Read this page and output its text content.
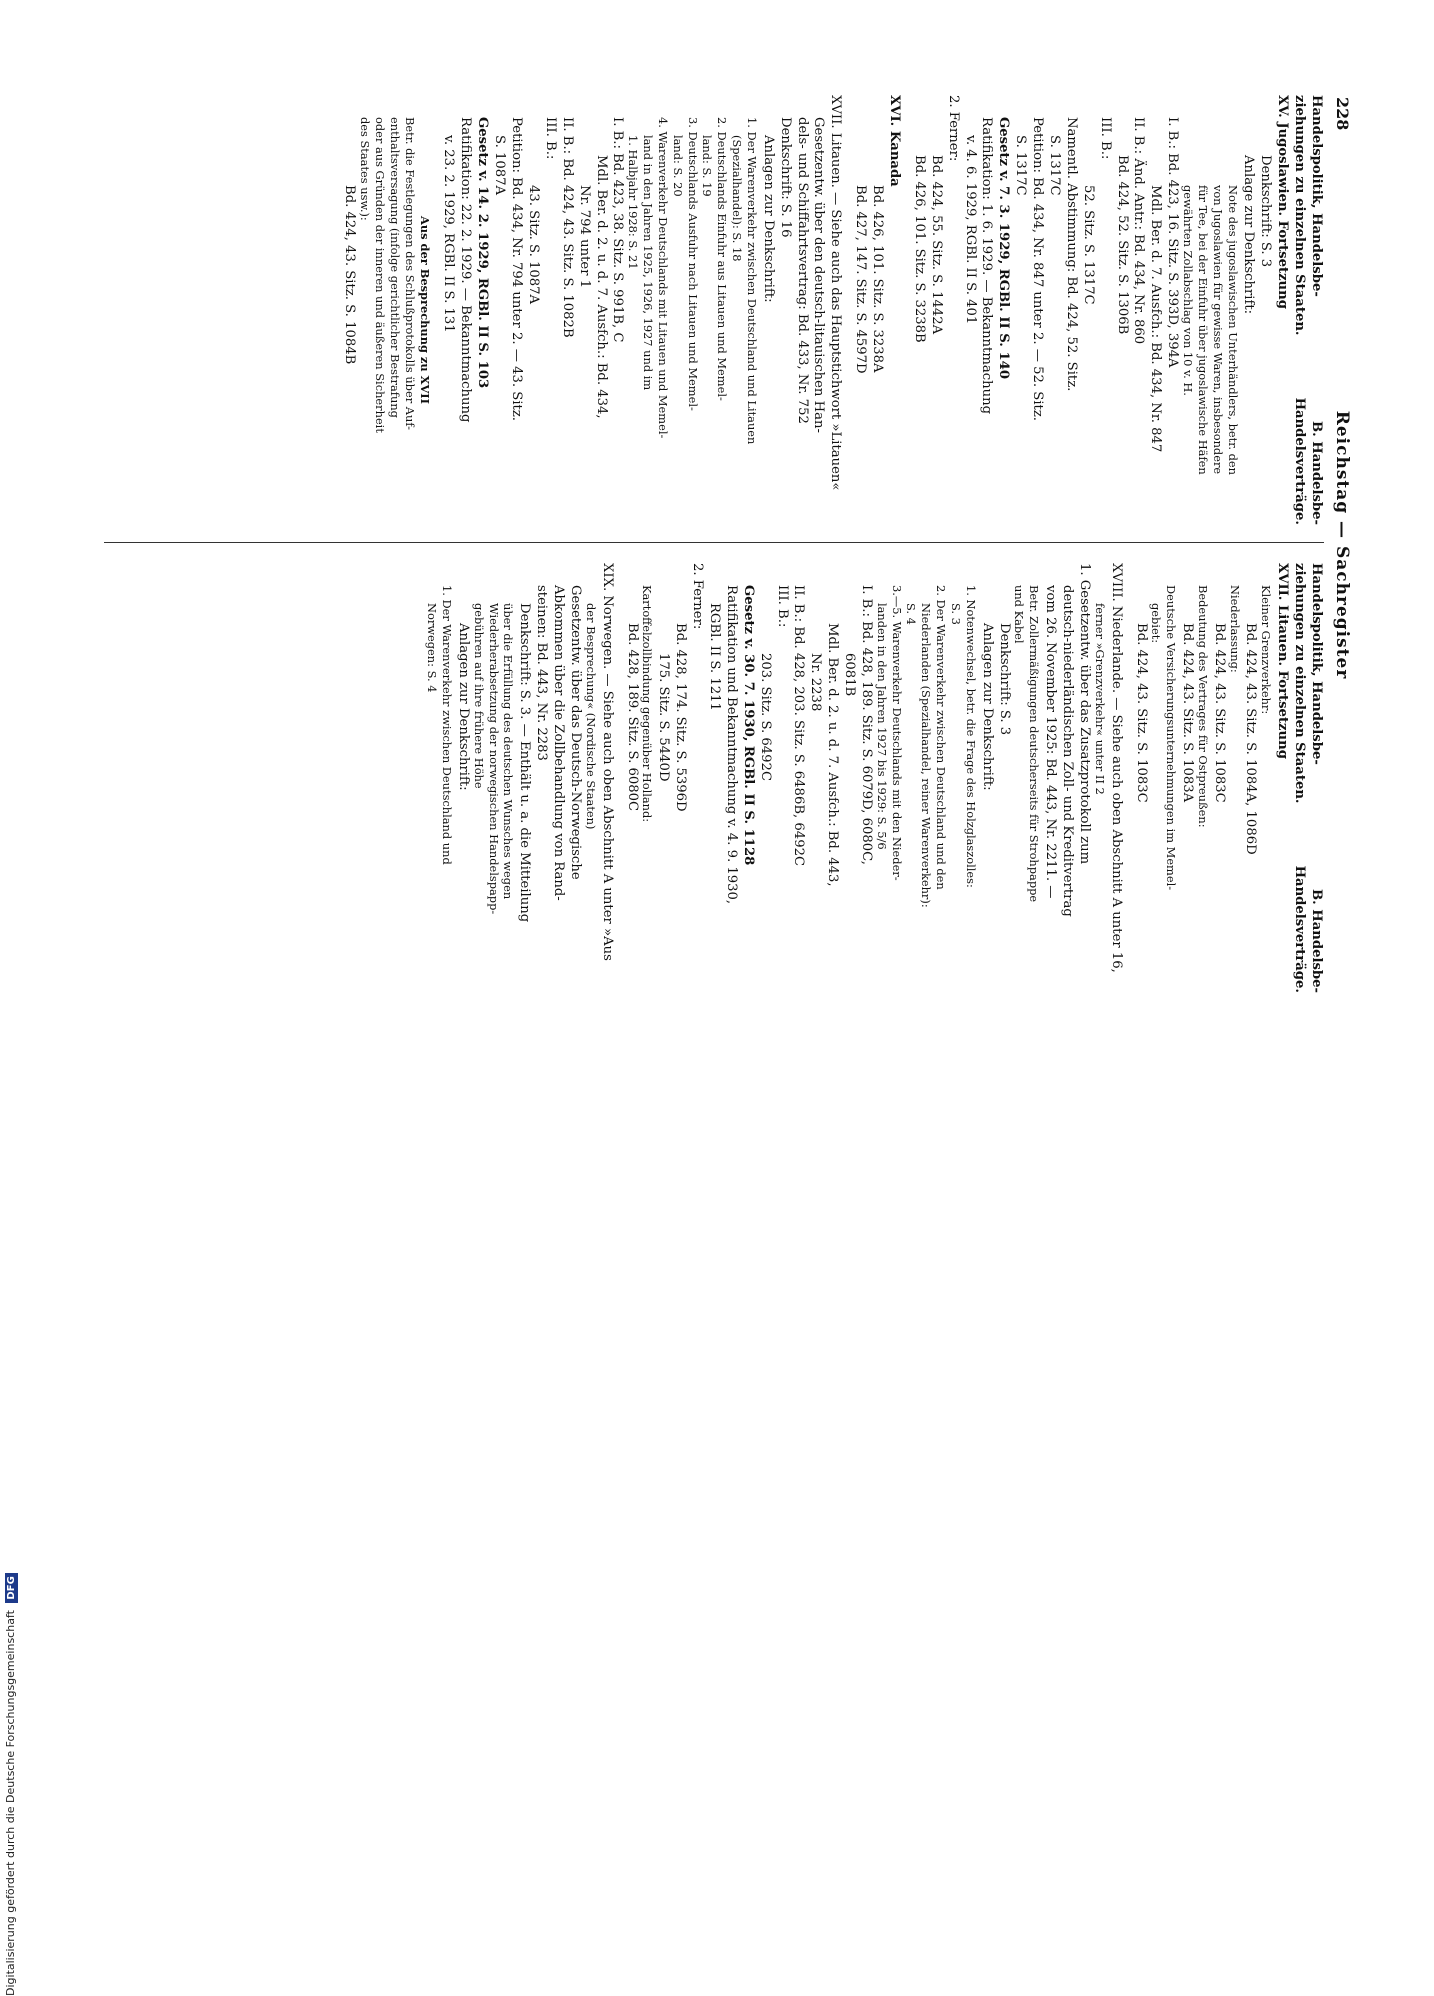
228
Reichstag — Sachregister
Handelspolitik, Handelsbe-
B. Handelsbe-
ziehungen zu einzelnen Staaten.
Handelsverträge.
XV. Jugoslawien. Fortsetzung
Denkschrift: S. 3
Anlage zur Denkschrift:
Note des jugoslawischen Unterhändlers, betr. den
von Jugoslawien für gewisse Waren, insbesondere
für Tee, bei der Einfuhr über jugoslawische Häfen
gewährten Zollabschlag von 10 v. H.
I. B.: Bd. 423, 16. Sitz. S. 393D, 394A
Mdl. Ber. d. 7. Ausfch.: Bd. 434, Nr. 847
II. B.: Änd. Antr.: Bd. 434, Nr. 860
Bd. 424, 52. Sitz. S. 1306B
III. B.:
52. Sitz. S. 1317C
Namentl. Abstimmung: Bd. 424, 52. Sitz.
S. 1317C
Petition: Bd. 434, Nr. 847 unter 2. — 52. Sitz.
S. 1317C
Gesetz v. 7. 3. 1929, RGBl. II S. 140
Ratifikation: 1. 6. 1929. — Bekanntmachung
v. 4. 6. 1929, RGBl. II S. 401
2. Ferner:
Bd. 424, 55. Sitz. S. 1442A
Bd. 426, 101. Sitz. S. 3238B
XVI. Kanada
Bd. 426, 101. Sitz. S. 3238A
Bd. 427, 147. Sitz. S. 4597D
XVII. Litauen. — Siehe auch das Hauptstichwort »Litauen«
Gesetzentw. über den deutsch-litauischen Han-
dels- und Schiffahrtsvertrag: Bd. 433, Nr. 752
Denkschrift: S. 16
Anlagen zur Denkschrift:
1. Der Warenverkehr zwischen Deutschland und Litauen
(Spezialhandel): S. 18
2. Deutschlands Einfuhr aus Litauen und Memel-
land: S. 19
3. Deutschlands Ausfuhr nach Litauen und Memel-
land: S. 20
4. Warenverkehr Deutschlands mit Litauen und Memel-
land in den Jahren 1925, 1926, 1927 und im
1. Halbjahr 1928: S. 21
I. B.: Bd. 423, 38. Sitz. S. 991B, C
Mdl. Ber. d. 2. u. d. 7. Ausfch.: Bd. 434,
Nr. 794 unter 1
II. B.: Bd. 424, 43. Sitz. S. 1082B
III. B.:
43. Sitz. S. 1087A
Petition: Bd. 434, Nr. 794 unter 2. — 43. Sitz.
S. 1087A
Gesetz v. 14. 2. 1929, RGBl. II S. 103
Ratifikation: 22. 2. 1929. — Bekanntmachung
v. 23. 2. 1929, RGBl. II S. 131
Aus der Besprechung zu XVII
Betr. die Festlegungen des Schlußprotokolls über Auf-
enthaltsversagung (infolge gerichtlicher Bestrafung
oder aus Gründen der inneren und äußeren Sicherheit
des Staates usw.):
Bd. 424, 43. Sitz. S. 1084B
Handelspolitik, Handelsbe-
B. Handelsbe-
ziehungen zu einzelnen Staaten.
Handelsverträge.
XVII. Litauen. Fortsetzung
Kleiner Grenzverkehr:
Bd. 424, 43. Sitz. S. 1084A, 1086D
Niederlassung:
Bd. 424, 43. Sitz. S. 1083C
Bedeutung des Vertrages für Ostpreußen:
Bd. 424, 43. Sitz. S. 1083A
Deutsche Versicherungsunternehmungen im Memel-
gebiet:
Bd. 424, 43. Sitz. S. 1083C
XVIII. Niederlande. — Siehe auch oben Abschnitt A unter 16,
ferner »Grenzverkehr« unter II 2
1. Gesetzentw. über das Zusatzprotokoll zum
deutsch-niederländischen Zoll- und Kreditvertrag
vom 26. November 1925: Bd. 443, Nr. 2211. —
Betr. Zollermäßigungen deutscherseits für Strohpappe
und Kabel
Denkschrift: S. 3
Anlagen zur Denkschrift:
1. Notenwechsel, betr. die Frage des Holzglaszolles:
S. 3
2. Der Warenverkehr zwischen Deutschland und den
Niederlanden (Spezialhandel, reiner Warenverkehr):
S. 4
3.—5. Warenverkehr Deutschlands mit den Nieder-
landen in den Jahren 1927 bis 1929: S. 5/6
I. B.: Bd. 428, 189. Sitz. S. 6079D, 6080C,
6081B
Mdl. Ber. d. 2. u. d. 7. Ausfch.: Bd. 443,
Nr. 2238
II. B.: Bd. 428, 203. Sitz. S. 6486B, 6492C
III. B.:
203. Sitz. S. 6492C
Gesetz v. 30. 7. 1930, RGBl. II S. 1128
Ratifikation und Bekanntmachung v. 4. 9. 1930,
RGBl. II S. 1211
2. Ferner:
Bd. 428, 174. Sitz. S. 5396D
175. Sitz. S. 5440D
Kartoffelzollbindung gegenüber Holland:
Bd. 428, 189. Sitz. S. 6080C
XIX. Norwegen. — Siehe auch oben Abschnitt A unter »Aus
der Besprechung« (Nordische Staaten)
Gesetzentw. über das Deutsch-Norwegische
Abkommen über die Zollbehandlung von Rand-
steinen: Bd. 443, Nr. 2283
Denkschrift: S. 3. — Enthält u. a. die Mitteilung
über die Erfüllung des deutschen Wunsches wegen
Wiederherabsetzung der norwegischen Handelspapp-
gebühren auf ihre frühere Höhe
Anlagen zur Denkschrift:
1. Der Warenverkehr zwischen Deutschland und
Norwegen: S. 4
Digitalisierung gefördert durch die Deutsche Forschungsgemeinschaft DFG
